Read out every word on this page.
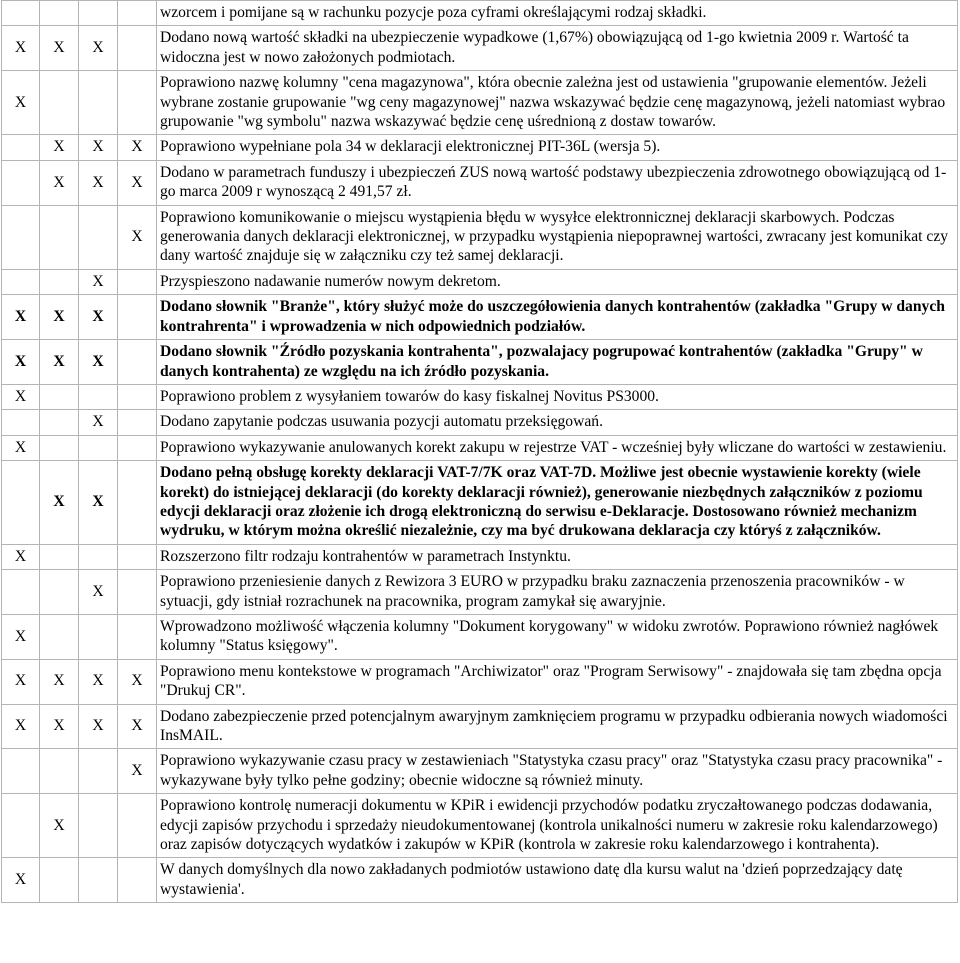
				wzorcem i pomijane są w rachunku pozycje poza cyframi określającymi rodzaj składki.
X	X	X		Dodano nową wartość składki na ubezpieczenie wypadkowe (1,67%) obowiązującą od 1-go kwietnia 2009 r. Wartość ta widoczna jest w nowo założonych podmiotach.
X				Poprawiono nazwę kolumny "cena magazynowa", która obecnie zależna jest od ustawienia "grupowanie elementów. Jeżeli wybrane zostanie grupowanie "wg ceny magazynowej" nazwa wskazywać będzie cenę magazynową, jeżeli natomiast wybrao grupowanie "wg symbolu" nazwa wskazywać będzie cenę uśrednioną z dostaw towarów.
	X	X	X	Poprawiono wypełniane pola 34 w deklaracji elektronicznej PIT-36L (wersja 5).
	X	X	X	Dodano w parametrach funduszy i ubezpieczeń ZUS nową wartość podstawy ubezpieczenia zdrowotnego obowiązującą od 1-go marca 2009 r wynoszącą 2 491,57 zł.
			X	Poprawiono komunikowanie o miejscu wystąpienia błędu w wysyłce elektronnicznej deklaracji skarbowych. Podczas generowania danych deklaracji elektronicznej, w przypadku wystąpienia niepoprawnej wartości, zwracany jest komunikat czy dany wartość znajduje się w załączniku czy też samej deklaracji.
		X		Przyspieszono nadawanie numerów nowym dekretom.
X	X	X		Dodano słownik "Branże", który służyć może do uszczegółowienia danych kontrahentów (zakładka "Grupy w danych kontrahrenta" i wprowadzenia w nich odpowiednich podziałów.
X	X	X		Dodano słownik "Źródło pozyskania kontrahenta", pozwalajacy pogrupować kontrahentów (zakładka "Grupy" w danych kontrahenta) ze względu na ich źródło pozyskania.
X				Poprawiono problem z wysyłaniem towarów do kasy fiskalnej Novitus PS3000.
		X		Dodano zapytanie podczas usuwania pozycji automatu przeksięgowań.
X				Poprawiono wykazywanie anulowanych korekt zakupu w rejestrze VAT - wcześniej były wliczane do wartości w zestawieniu.
	X	X		Dodano pełną obsługę korekty deklaracji VAT-7/7K oraz VAT-7D. Możliwe jest obecnie wystawienie korekty (wiele korekt) do istniejącej deklaracji (do korekty deklaracji również), generowanie niezbędnych załączników z poziomu edycji deklaracji oraz złożenie ich drogą elektroniczną do serwisu e-Deklaracje. Dostosowano również mechanizm wydruku, w którym można określić niezależnie, czy ma być drukowana deklaracja czy któryś z załączników.
X				Rozszerzono filtr rodzaju kontrahentów w parametrach Instynktu.
		X		Poprawiono przeniesienie danych z Rewizora 3 EURO w przypadku braku zaznaczenia przenoszenia pracowników - w sytuacji, gdy istniał rozrachunek na pracownika, program zamykał się awaryjnie.
X				Wprowadzono możliwość włączenia kolumny "Dokument korygowany" w widoku zwrotów. Poprawiono również nagłówek kolumny "Status księgowy".
X	X	X	X	Poprawiono menu kontekstowe w programach "Archiwizator" oraz "Program Serwisowy" - znajdowała się tam zbędna opcja "Drukuj CR".
X	X	X	X	Dodano zabezpieczenie przed potencjalnym awaryjnym zamknięciem programu w przypadku odbierania nowych wiadomości InsMAIL.
			X	Poprawiono wykazywanie czasu pracy w zestawieniach "Statystyka czasu pracy" oraz "Statystyka czasu pracy pracownika" - wykazywane były tylko pełne godziny; obecnie widoczne są również minuty.
	X			Poprawiono kontrolę numeracji dokumentu w KPiR i ewidencji przychodów podatku zryczałtowanego podczas dodawania, edycji zapisów przychodu i sprzedaży nieudokumentowanej (kontrola unikalności numeru w zakresie roku kalendarzowego) oraz zapisów dotyczących wydatków i zakupów w KPiR (kontrola w zakresie roku kalendarzowego i kontrahenta).
X				W danych domyślnych dla nowo zakładanych podmiotów ustawiono datę dla kursu walut na 'dzień poprzedzający datę wystawienia'.
